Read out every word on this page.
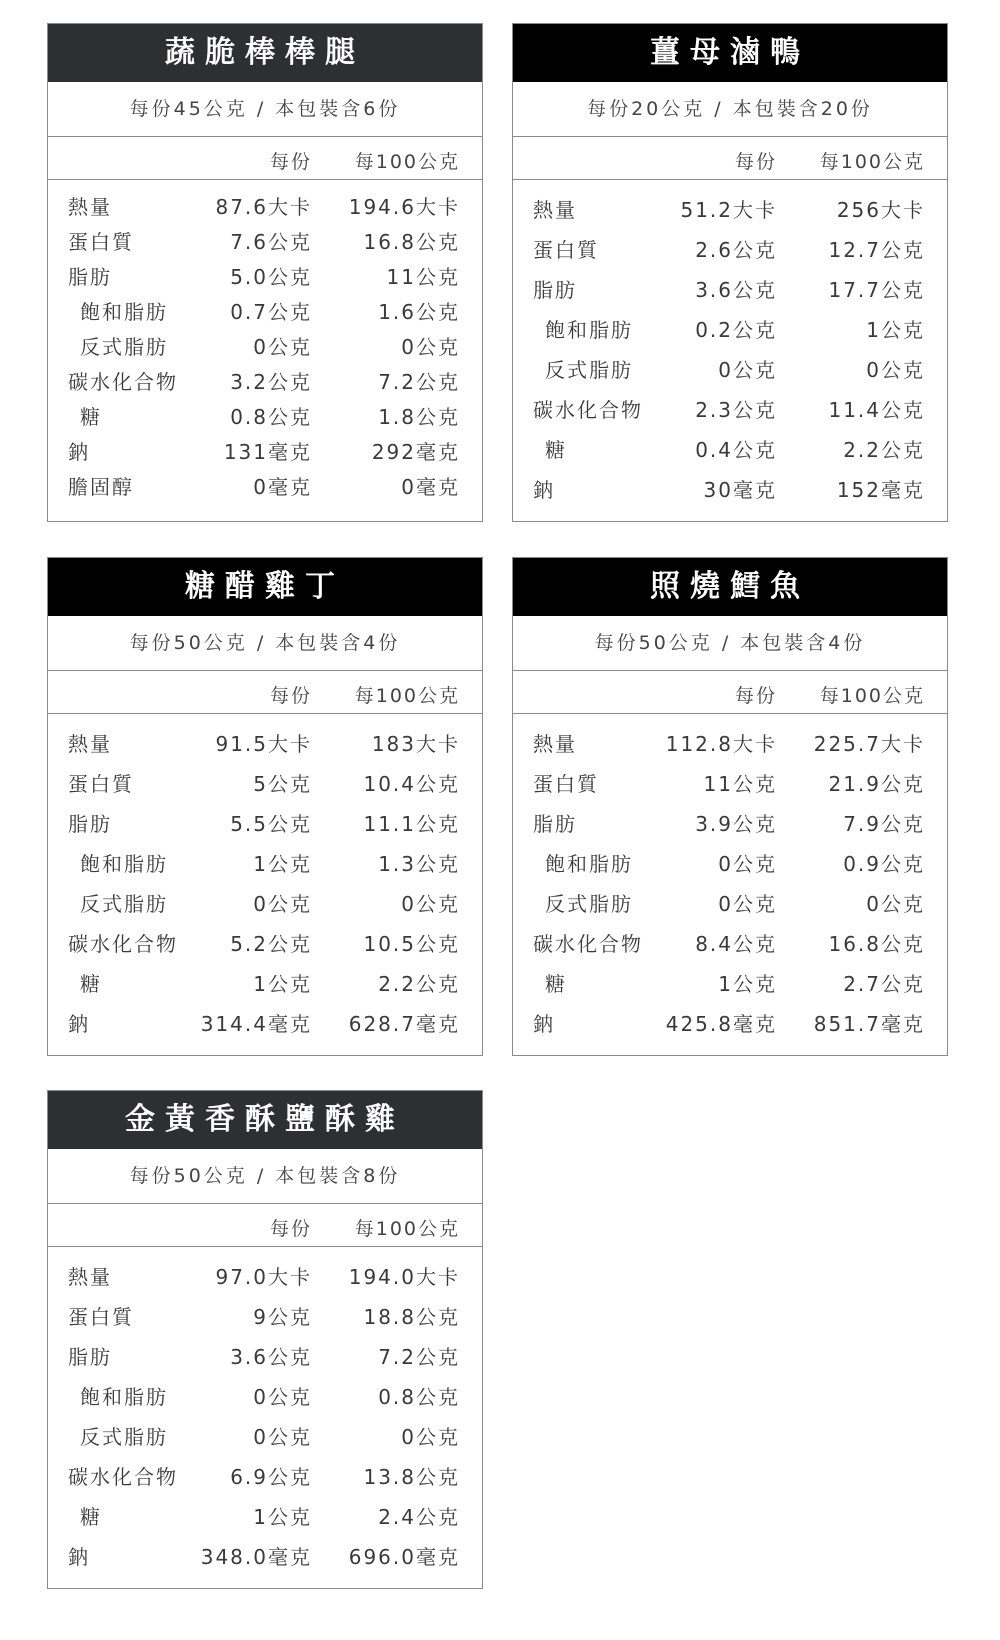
蔬脆棒棒腿
每份45公克 / 本包裝含6份
每份 每100公克
熱量	87.6大卡 194.6大卡
蛋白質	7.6公克	16.8公克
脂肪	5.0公克	11公克
飽和脂肪	0.7公克	1.6公克
反式脂肪	0公克	0公克
碳水化合物	3.2公克	7.2公克
糖	0.8公克	1.8公克
鈉	131毫克	292毫克
膽固醇	0毫克	0毫克
薑母滷鴨
每份20公克 / 本包裝含20份
每份 每100公克
熱量	51.2大卡	256大卡
蛋白質	2.6公克	12.7公克
脂肪	3.6公克	17.7公克
飽和脂肪	0.2公克	1公克
反式脂肪	0公克	0公克
碳水化合物	2.3公克	11.4公克
糖	0.4公克	2.2公克
鈉	30毫克	152毫克
糖醋雞丁
每份50公克 / 本包裝含4份
每份 每100公克
熱量	91.5大卡	183大卡
蛋白質	5公克	10.4公克
脂肪	5.5公克	11.1公克
飽和脂肪	1公克	1.3公克
反式脂肪	0公克	0公克
碳水化合物	5.2公克	10.5公克
糖	1公克	2.2公克
鈉	314.4毫克 628.7毫克
照燒鱈魚
每份50公克 / 本包裝含4份
每份 每100公克
熱量	112.8大卡 225.7大卡
蛋白質	11公克	21.9公克
脂肪	3.9公克	7.9公克
飽和脂肪	0公克	0.9公克
反式脂肪	0公克	0公克
碳水化合物	8.4公克	16.8公克
糖	1公克	2.7公克
鈉	425.8毫克 851.7毫克
金黃香酥鹽酥雞
每份50公克 / 本包裝含8份
每份 每100公克
熱量	97.0大卡 194.0大卡
蛋白質	9公克	18.8公克
脂肪	3.6公克	7.2公克
飽和脂肪	0公克	0.8公克
反式脂肪	0公克	0公克
碳水化合物	6.9公克	13.8公克
糖	1公克	2.4公克
鈉	348.0毫克 696.0毫克
